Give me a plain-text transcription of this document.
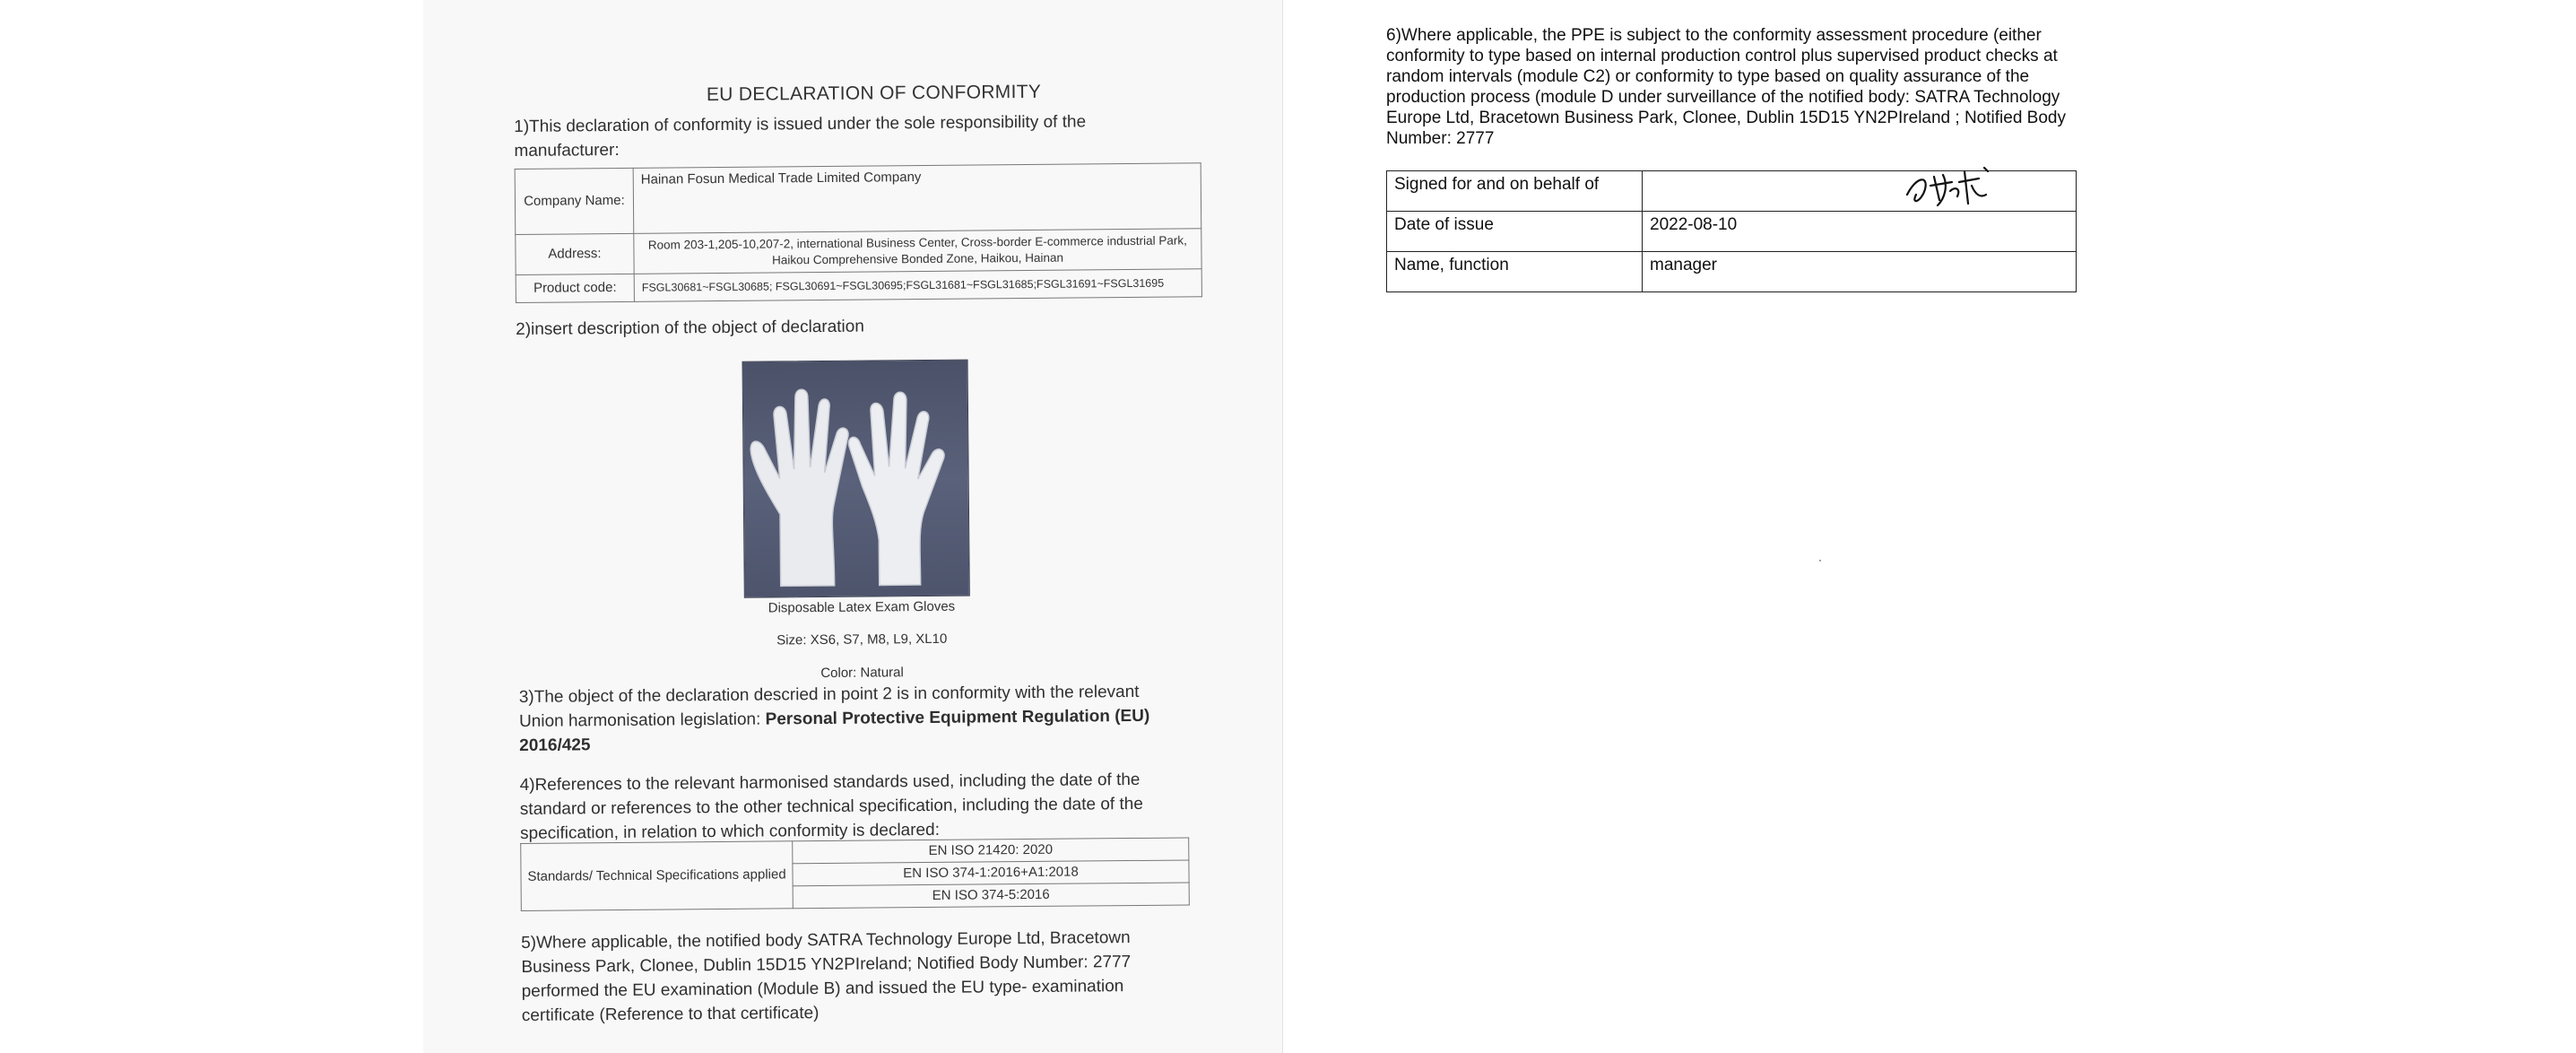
EU DECLARATION OF CONFORMITY
1)This declaration of conformity is issued under the sole responsibility of the manufacturer:
Company Name:	Hainan Fosun Medical Trade Limited Company
Address:	Room 203-1,205-10,207-2, international Business Center, Cross-border E-commerce industrial Park, Haikou Comprehensive Bonded Zone, Haikou, Hainan
Product code:	FSGL30681~FSGL30685; FSGL30691~FSGL30695;FSGL31681~FSGL31685;FSGL31691~FSGL31695
2)insert description of the object of declaration
Disposable Latex Exam Gloves
Size: XS6, S7, M8, L9, XL10
Color: Natural
3)The object of the declaration descried in point 2 is in conformity with the relevant Union harmonisation legislation: Personal Protective Equipment Regulation (EU) 2016/425
4)References to the relevant harmonised standards used, including the date of the standard or references to the other technical specification, including the date of the specification, in relation to which conformity is declared:
Standards/ Technical Specifications applied	EN ISO 21420: 2020
EN ISO 374-1:2016+A1:2018
EN ISO 374-5:2016
5)Where applicable, the notified body SATRA Technology Europe Ltd, Bracetown Business Park, Clonee, Dublin 15D15 YN2PIreland; Notified Body Number: 2777 performed the EU examination (Module B) and issued the EU type- examination certificate (Reference to that certificate)
6)Where applicable, the PPE is subject to the conformity assessment procedure (either conformity to type based on internal production control plus supervised product checks at random intervals (module C2) or conformity to type based on quality assurance of the production process (module D under surveillance of the notified body: SATRA Technology Europe Ltd, Bracetown Business Park, Clonee, Dublin 15D15 YN2PIreland ; Notified Body Number: 2777
Signed for and on behalf of	

Date of issue	2022-08-10
Name, function	manager
